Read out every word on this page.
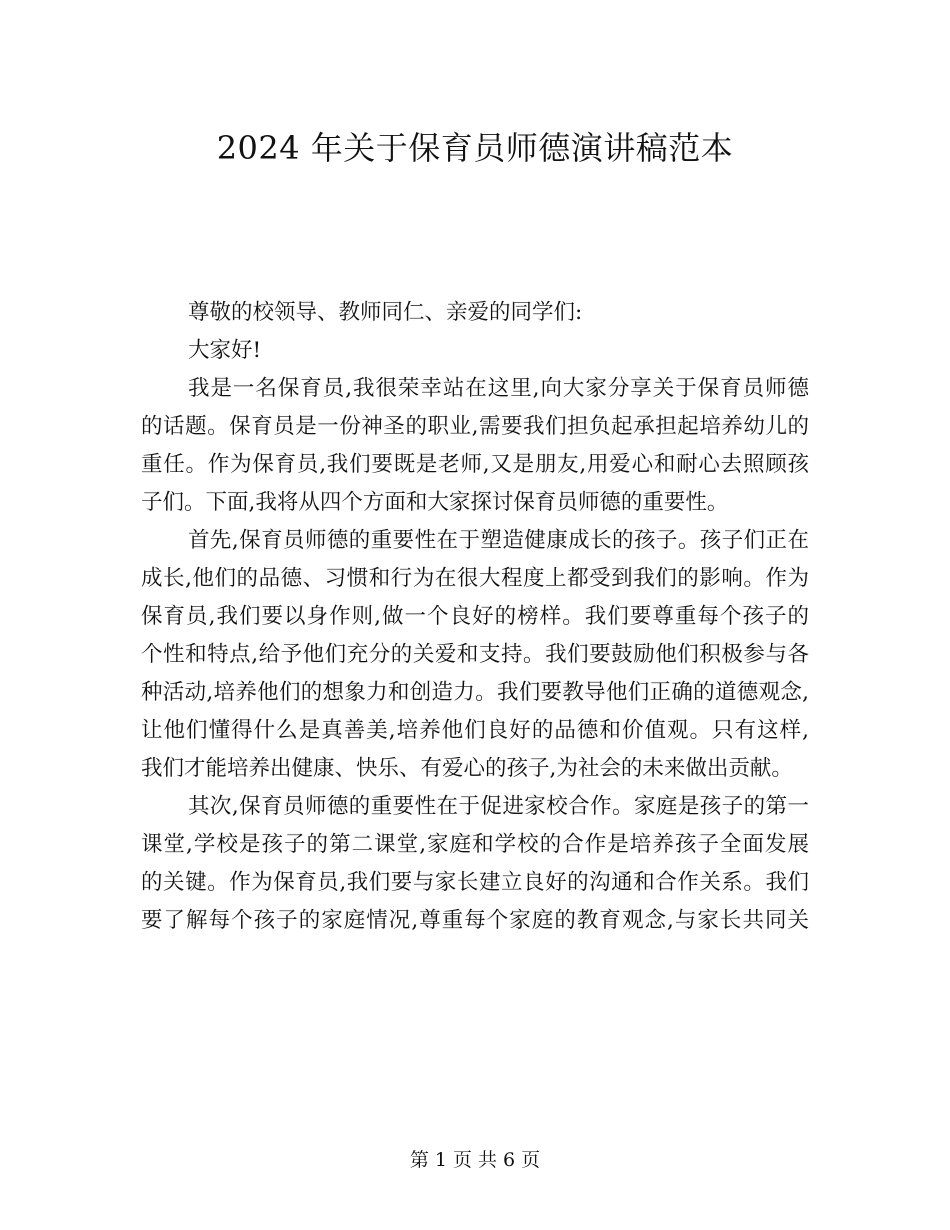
2024 年关于保育员师德演讲稿范本
尊敬的校领导、教师同仁、亲爱的同学们:
大家好!
我是一名保育员,我很荣幸站在这里,向大家分享关于保育员师德
的话题。保育员是一份神圣的职业,需要我们担负起承担起培养幼儿的
重任。作为保育员,我们要既是老师,又是朋友,用爱心和耐心去照顾孩
子们。下面,我将从四个方面和大家探讨保育员师德的重要性。
首先,保育员师德的重要性在于塑造健康成长的孩子。孩子们正在
成长,他们的品德、习惯和行为在很大程度上都受到我们的影响。作为
保育员,我们要以身作则,做一个良好的榜样。我们要尊重每个孩子的
个性和特点,给予他们充分的关爱和支持。我们要鼓励他们积极参与各
种活动,培养他们的想象力和创造力。我们要教导他们正确的道德观念,
让他们懂得什么是真善美,培养他们良好的品德和价值观。只有这样,
我们才能培养出健康、快乐、有爱心的孩子,为社会的未来做出贡献。
其次,保育员师德的重要性在于促进家校合作。家庭是孩子的第一
课堂,学校是孩子的第二课堂,家庭和学校的合作是培养孩子全面发展
的关键。作为保育员,我们要与家长建立良好的沟通和合作关系。我们
要了解每个孩子的家庭情况,尊重每个家庭的教育观念,与家长共同关
第 1 页 共 6 页
